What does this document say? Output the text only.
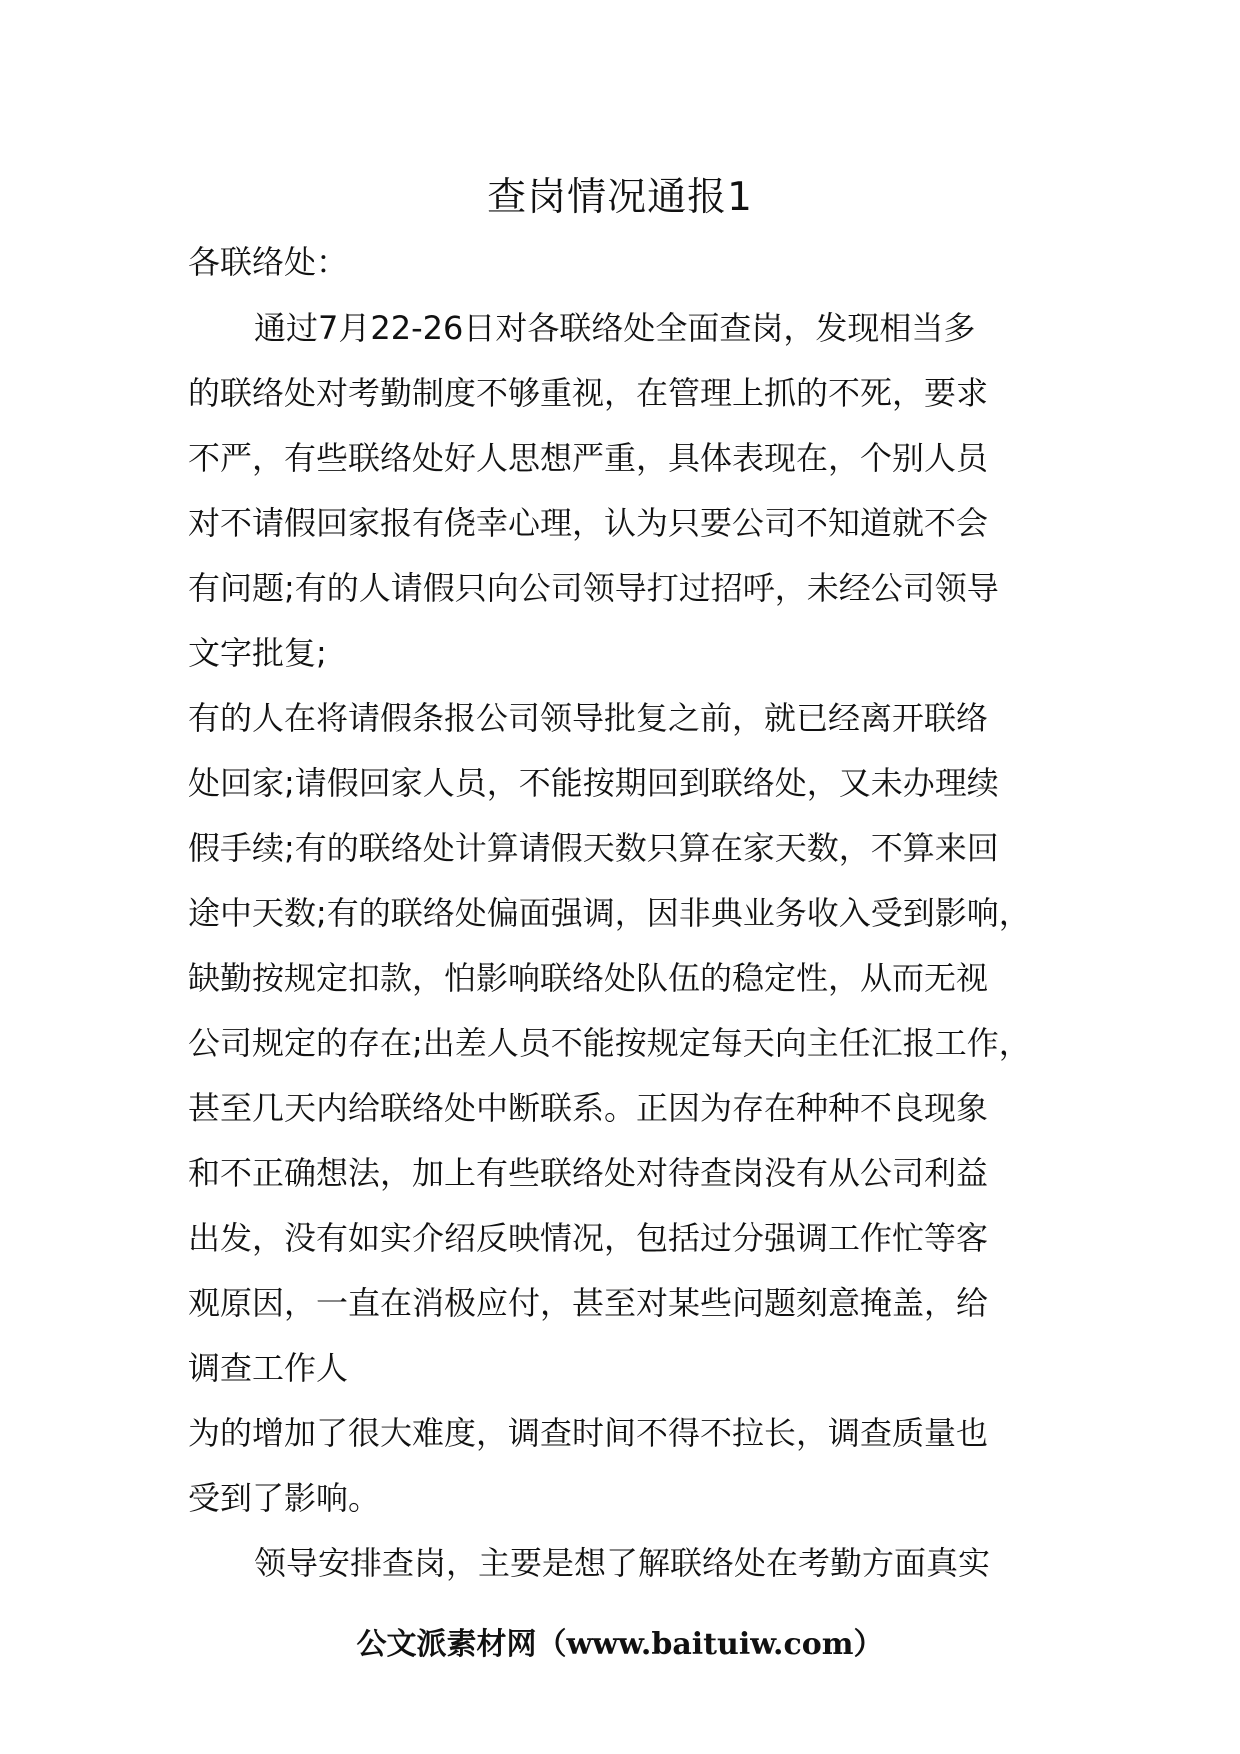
查岗情况通报1
各联络处：
通过7月22-26日对各联络处全面查岗，发现相当多
的联络处对考勤制度不够重视，在管理上抓的不死，要求
不严，有些联络处好人思想严重，具体表现在，个别人员
对不请假回家报有侥幸心理，认为只要公司不知道就不会
有问题;有的人请假只向公司领导打过招呼，未经公司领导
文字批复;
有的人在将请假条报公司领导批复之前，就已经离开联络
处回家;请假回家人员，不能按期回到联络处，又未办理续
假手续;有的联络处计算请假天数只算在家天数，不算来回
途中天数;有的联络处偏面强调，因非典业务收入受到影响，
缺勤按规定扣款，怕影响联络处队伍的稳定性，从而无视
公司规定的存在;出差人员不能按规定每天向主任汇报工作，
甚至几天内给联络处中断联系。正因为存在种种不良现象
和不正确想法，加上有些联络处对待查岗没有从公司利益
出发，没有如实介绍反映情况，包括过分强调工作忙等客
观原因，一直在消极应付，甚至对某些问题刻意掩盖，给
调查工作人
为的增加了很大难度，调查时间不得不拉长，调查质量也
受到了影响。
领导安排查岗，主要是想了解联络处在考勤方面真实
公文派素材网（www.baituiw.com）
